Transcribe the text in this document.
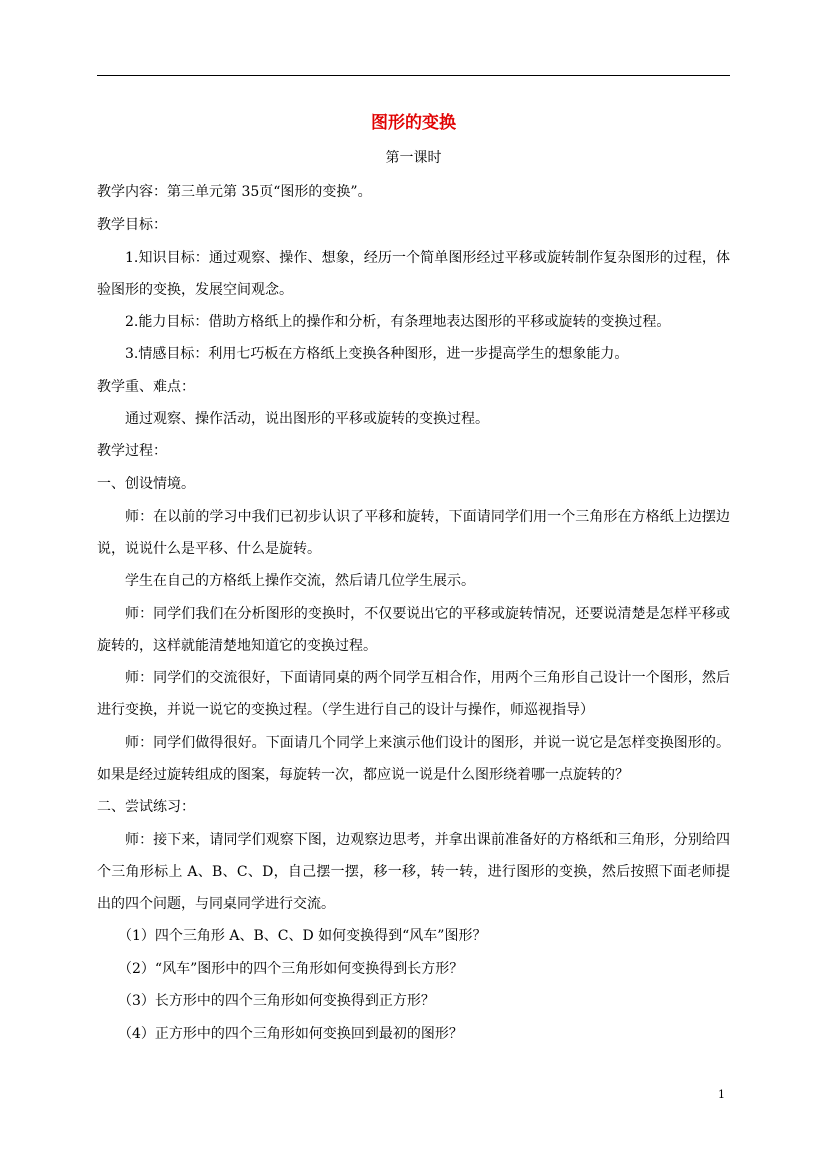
图形的变换
第一课时
教学内容：第三单元第 35页“图形的变换”。
教学目标：
1.知识目标：通过观察、操作、想象，经历一个简单图形经过平移或旋转制作复杂图形的过程，体验图形的变换，发展空间观念。
2.能力目标：借助方格纸上的操作和分析，有条理地表达图形的平移或旋转的变换过程。
3.情感目标：利用七巧板在方格纸上变换各种图形，进一步提高学生的想象能力。
教学重、难点：
通过观察、操作活动，说出图形的平移或旋转的变换过程。
教学过程：
一、创设情境。
师：在以前的学习中我们已初步认识了平移和旋转，下面请同学们用一个三角形在方格纸上边摆边说，说说什么是平移、什么是旋转。
学生在自己的方格纸上操作交流，然后请几位学生展示。
师：同学们我们在分析图形的变换时，不仅要说出它的平移或旋转情况，还要说清楚是怎样平移或旋转的，这样就能清楚地知道它的变换过程。
师：同学们的交流很好，下面请同桌的两个同学互相合作，用两个三角形自己设计一个图形，然后进行变换，并说一说它的变换过程。（学生进行自己的设计与操作，师巡视指导）
师：同学们做得很好。下面请几个同学上来演示他们设计的图形，并说一说它是怎样变换图形的。如果是经过旋转组成的图案，每旋转一次，都应说一说是什么图形绕着哪一点旋转的？
二、尝试练习：
师：接下来，请同学们观察下图，边观察边思考，并拿出课前准备好的方格纸和三角形，分别给四个三角形标上 A、B、C、D，自己摆一摆，移一移，转一转，进行图形的变换，然后按照下面老师提出的四个问题，与同桌同学进行交流。
（1）四个三角形 A、B、C、D 如何变换得到“风车”图形？
（2）“风车”图形中的四个三角形如何变换得到长方形？
（3）长方形中的四个三角形如何变换得到正方形？
（4）正方形中的四个三角形如何变换回到最初的图形？
1
